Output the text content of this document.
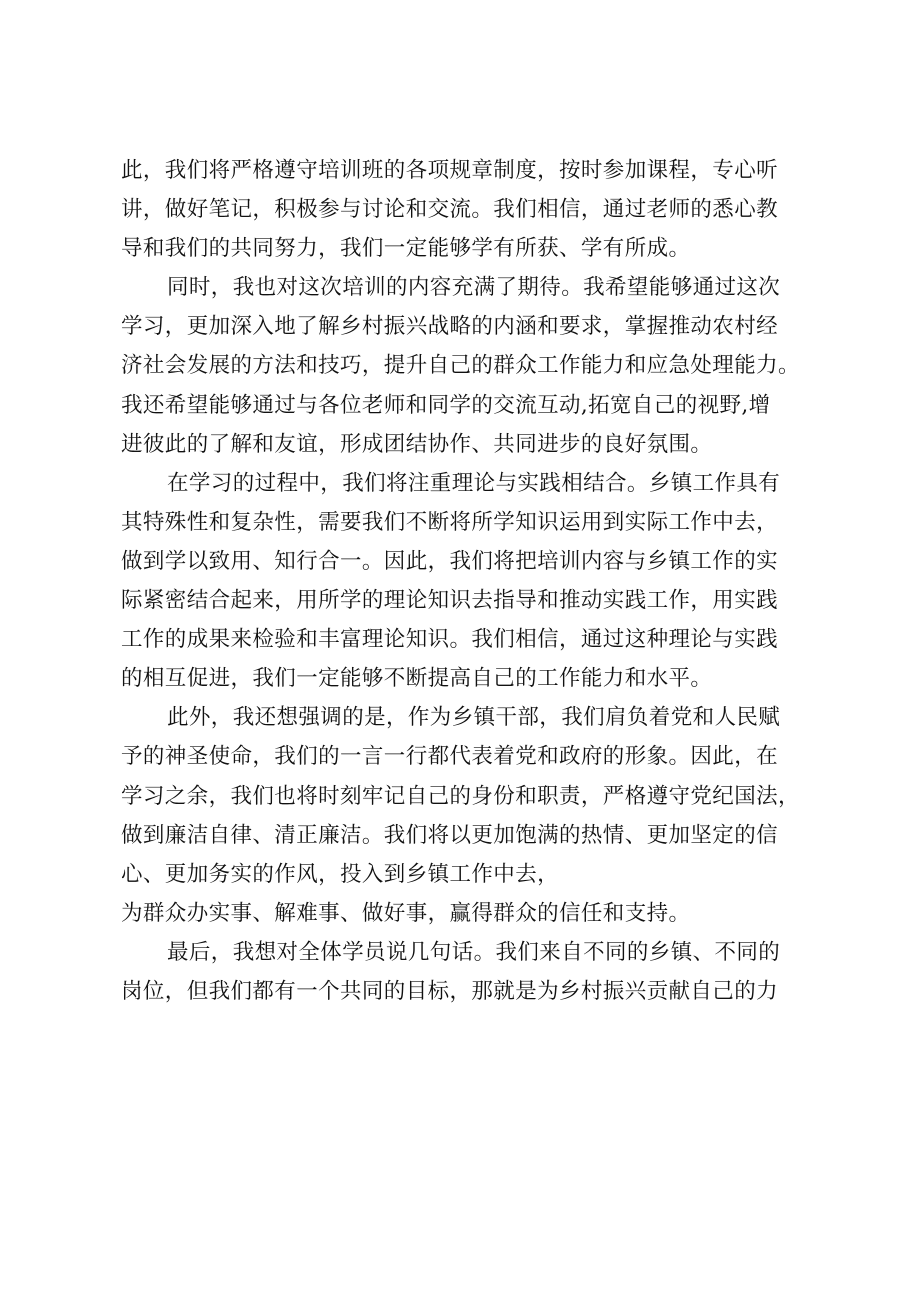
此，我们将严格遵守培训班的各项规章制度，按时参加课程，专心听
讲，做好笔记，积极参与讨论和交流。我们相信，通过老师的悉心教
导和我们的共同努力，我们一定能够学有所获、学有所成。
同时，我也对这次培训的内容充满了期待。我希望能够通过这次
学习，更加深入地了解乡村振兴战略的内涵和要求，掌握推动农村经
济社会发展的方法和技巧，提升自己的群众工作能力和应急处理能力。
我还希望能够通过与各位老师和同学的交流互动,拓宽自己的视野,增
进彼此的了解和友谊，形成团结协作、共同进步的良好氛围。
在学习的过程中，我们将注重理论与实践相结合。乡镇工作具有
其特殊性和复杂性，需要我们不断将所学知识运用到实际工作中去，
做到学以致用、知行合一。因此，我们将把培训内容与乡镇工作的实
际紧密结合起来，用所学的理论知识去指导和推动实践工作，用实践
工作的成果来检验和丰富理论知识。我们相信，通过这种理论与实践
的相互促进，我们一定能够不断提高自己的工作能力和水平。
此外，我还想强调的是，作为乡镇干部，我们肩负着党和人民赋
予的神圣使命，我们的一言一行都代表着党和政府的形象。因此，在
学习之余，我们也将时刻牢记自己的身份和职责，严格遵守党纪国法，
做到廉洁自律、清正廉洁。我们将以更加饱满的热情、更加坚定的信
心、更加务实的作风，投入到乡镇工作中去，
为群众办实事、解难事、做好事，赢得群众的信任和支持。
最后，我想对全体学员说几句话。我们来自不同的乡镇、不同的
岗位，但我们都有一个共同的目标，那就是为乡村振兴贡献自己的力
